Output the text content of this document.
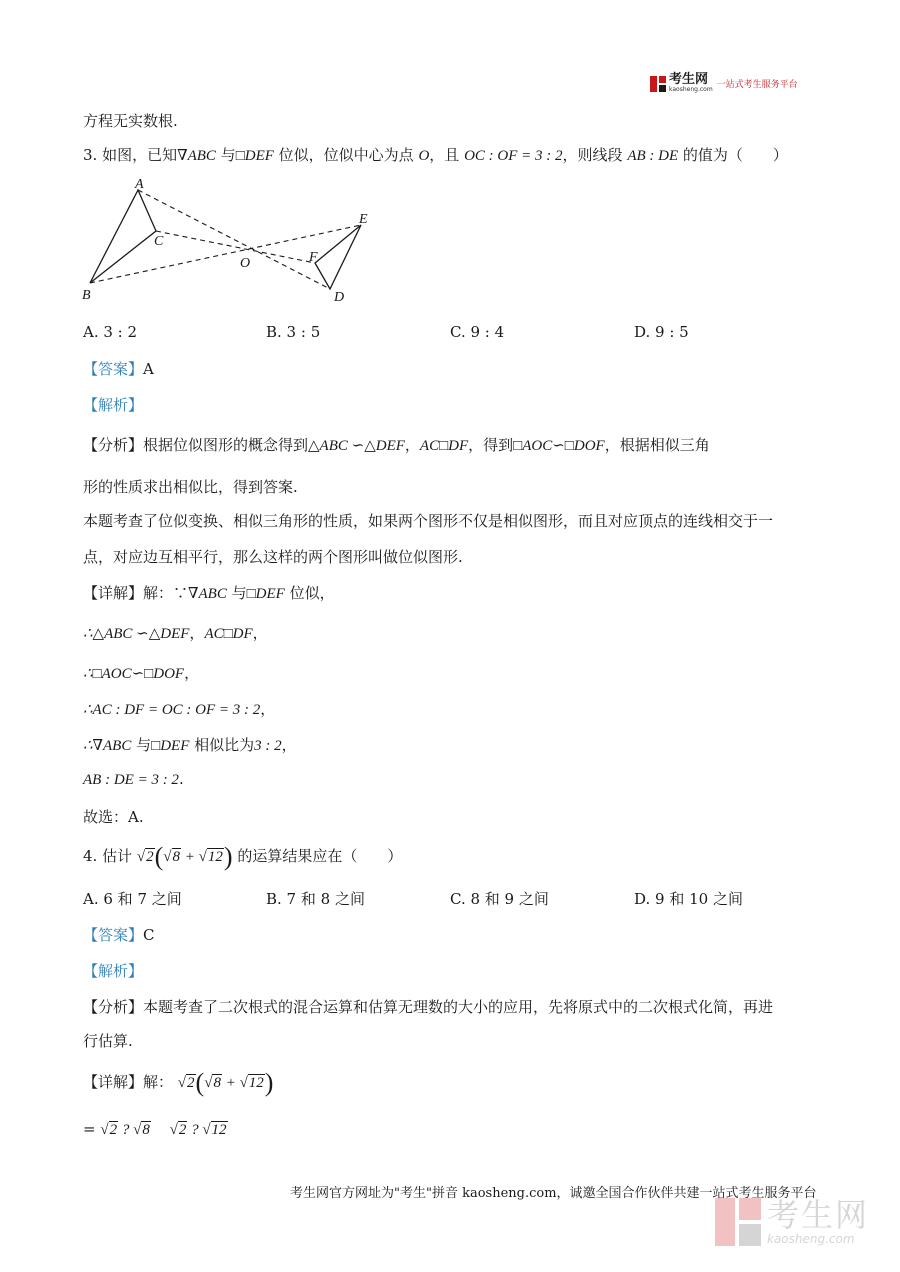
考生网
kaosheng.com 一站式考生服务平台
方程无实数根.
3. 如图，已知∇ABC 与□DEF 位似，位似中心为点 O，且 OC : OF = 3 : 2，则线段 AB : DE 的值为（　　）
A
B
C
O
E
F
D
A. 3 : 2	B. 3 : 5	C. 9 : 4	D. 9 : 5
【答案】A
【解析】
【分析】根据位似图形的概念得到△ABC ∽△DEF，AC□DF，得到□AOC∽□DOF，根据相似三角
形的性质求出相似比，得到答案.
本题考查了位似变换、相似三角形的性质，如果两个图形不仅是相似图形，而且对应顶点的连线相交于一
点，对应边互相平行，那么这样的两个图形叫做位似图形.
【详解】解：∵∇ABC 与□DEF 位似，
∴△ABC ∽△DEF，AC□DF，
∴□AOC∽□DOF，
∴AC : DF = OC : OF = 3 : 2，
∴∇ABC 与□DEF 相似比为3 : 2，
AB : DE = 3 : 2.
故选：A.
4. 估计 √2(√8 + √12) 的运算结果应在（　　）
A. 6 和 7 之间	B. 7 和 8 之间	C. 8 和 9 之间	D. 9 和 10 之间
【答案】C
【解析】
【分析】本题考查了二次根式的混合运算和估算无理数的大小的应用，先将原式中的二次根式化简，再进
行估算.
【详解】解： √2(√8 + √12)
= √2 ? √8　 √2 ? √12
考生网官方网址为"考生"拼音 kaosheng.com，诚邀全国合作伙伴共建一站式考生服务平台
考生网
kaosheng.com
